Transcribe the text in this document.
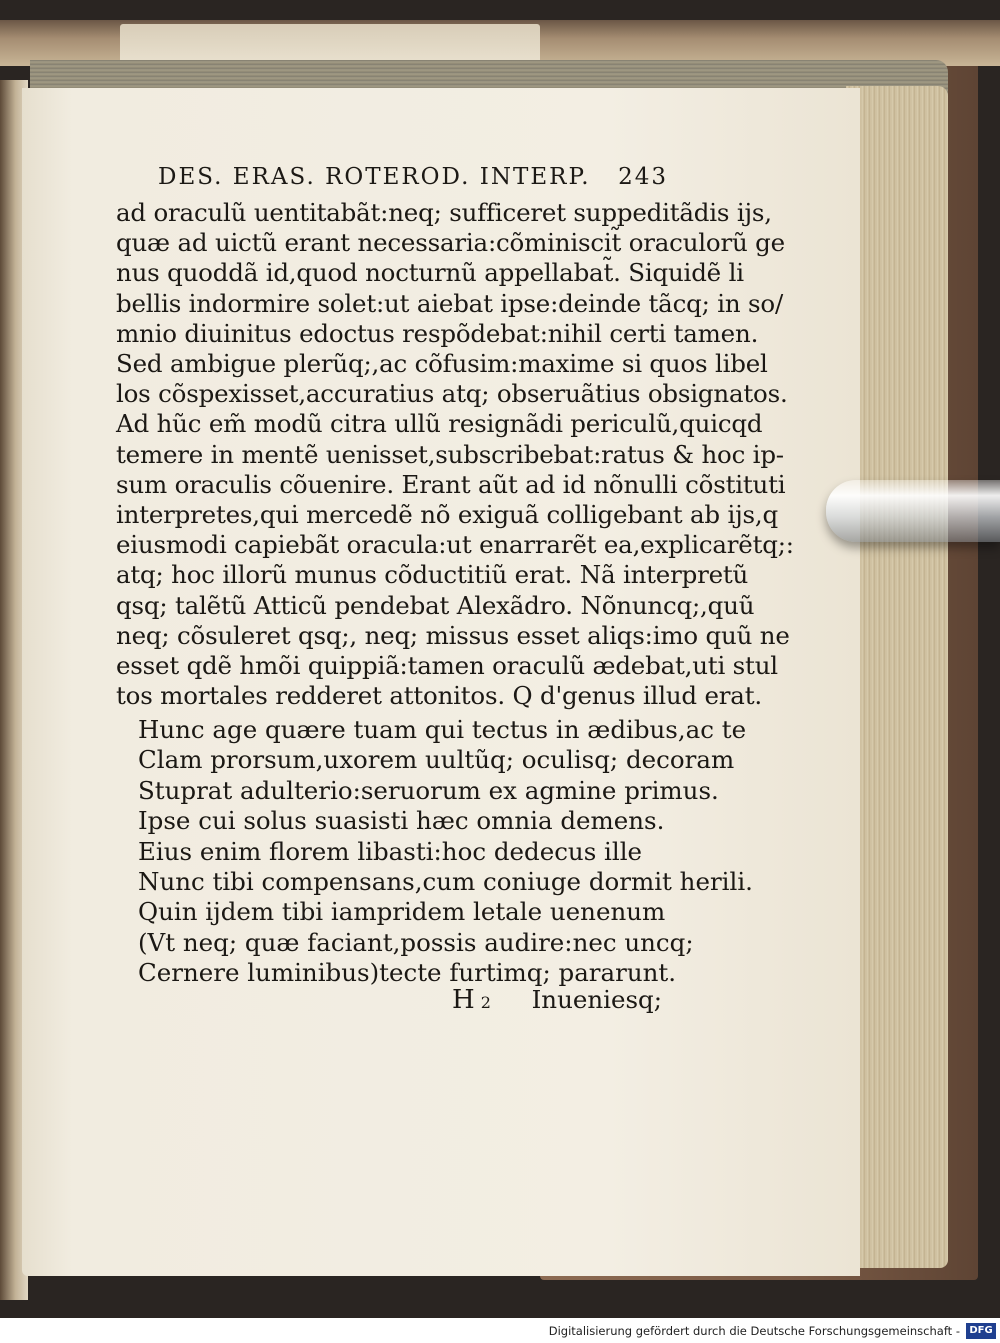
DES. ERAS. ROTEROD. INTERP. 243
ad oraculũ uentitabãt:neq; sufficeret suppeditãdis ijs,
quæ ad uictũ erant necessaria:cõminiscit̃ oraculorũ ge
nus quoddã id,quod nocturnũ appellabat̃. Siquidẽ li
bellis indormire solet:ut aiebat ipse:deinde tãcq; in so/
mnio diuinitus edoctus respõdebat:nihil certi tamen.
Sed ambigue plerũq;,ac cõfusim:maxime si quos libel
los cõspexisset,accuratius atq; obseruãtius obsignatos.
Ad hũc em̃ modũ citra ullũ resignãdi periculũ,quicqd
temere in mentẽ uenisset,subscribebat:ratus & hoc ip-
sum oraculis cõuenire. Erant aũt ad id nõnulli cõstituti
interpretes,qui mercedẽ nõ exiguã colligebant ab ijs,q
eiusmodi capiebãt oracula:ut enarrarẽt ea,explicarẽtq;:
atq; hoc illorũ munus cõductitiũ erat. Nã interpretũ
qsq; talẽtũ Atticũ pendebat Alexãdro. Nõnuncq;,quũ
neq; cõsuleret qsq;, neq; missus esset aliqs:imo quũ ne
esset qdẽ hmõi quippiã:tamen oraculũ ædebat,uti stul
tos mortales redderet attonitos. Q d'genus illud erat.
Hunc age quære tuam qui tectus in ædibus,ac te
Clam prorsum,uxorem uultũq; oculisq; decoram
Stuprat adulterio:seruorum ex agmine primus.
Ipse cui solus suasisti hæc omnia demens.
Eius enim florem libasti:hoc dedecus ille
Nunc tibi compensans,cum coniuge dormit herili.
Quin ijdem tibi iampridem letale uenenum
(Vt neq; quæ faciant,possis audire:nec uncq;
Cernere luminibus)tecte furtimq; pararunt.
H 2 Inueniesq;
Digitalisierung gefördert durch die Deutsche Forschungsgemeinschaft - DFG
